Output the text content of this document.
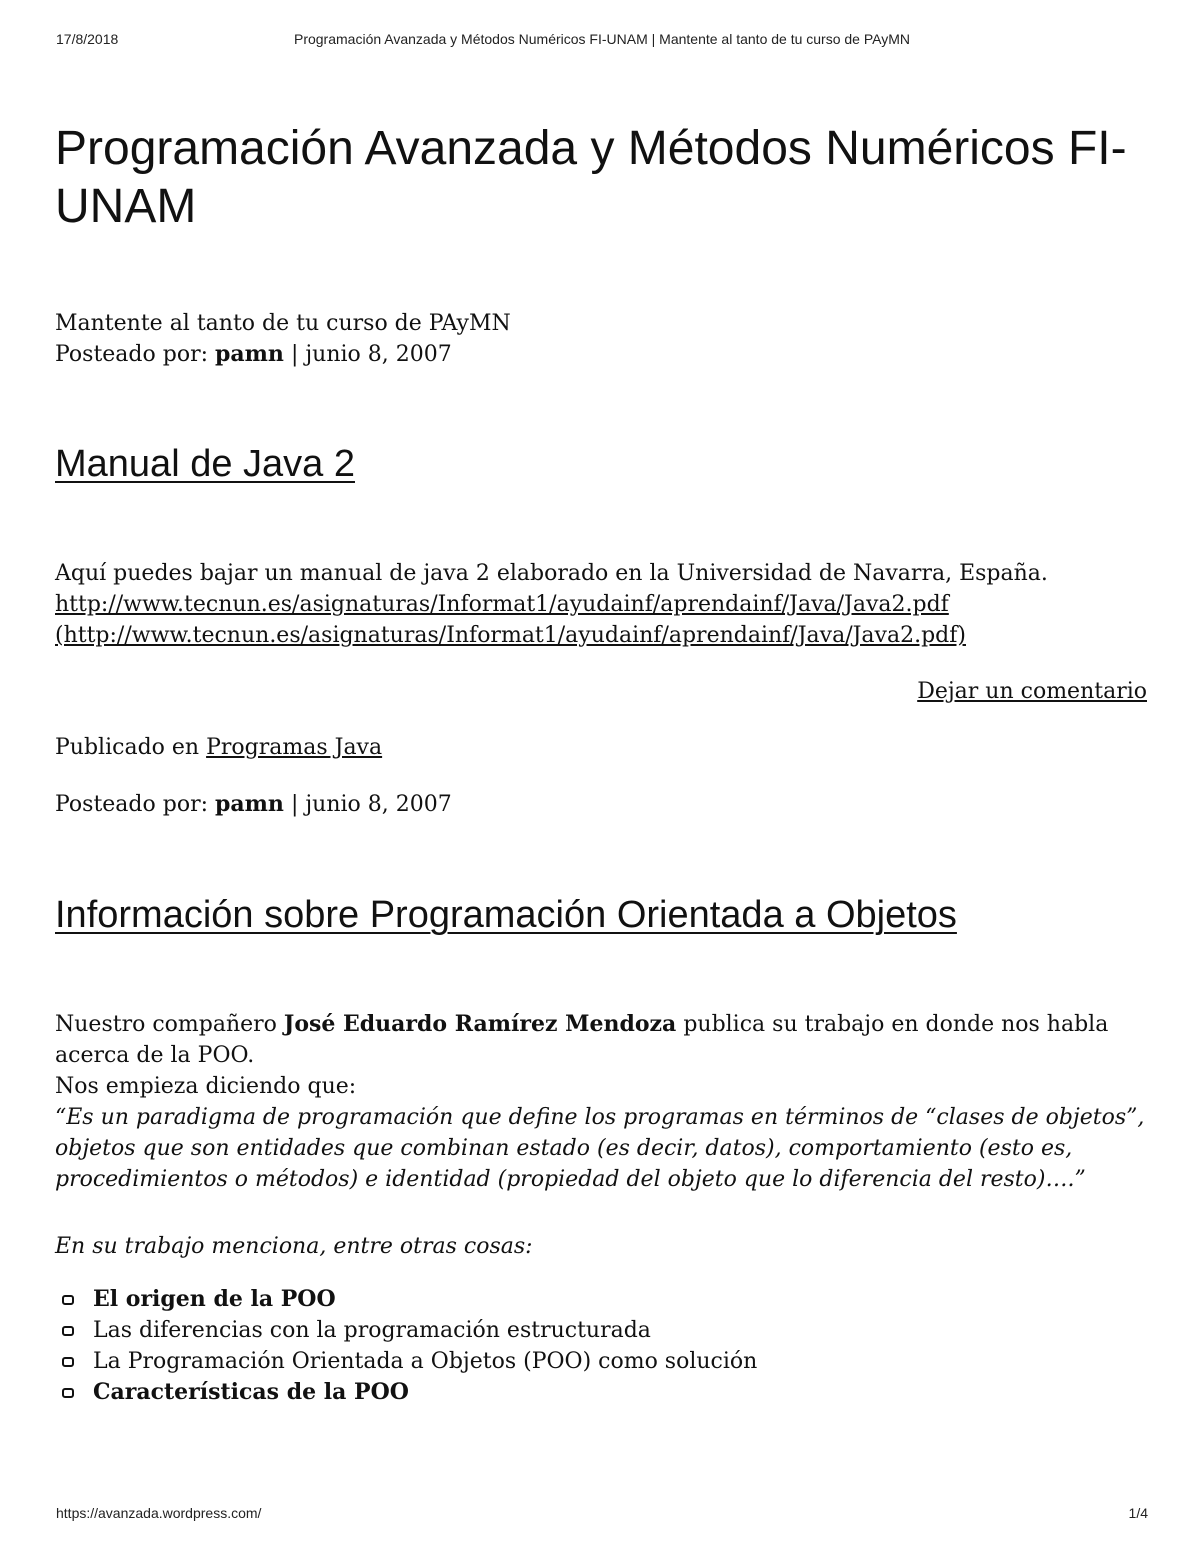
17/8/2018	Programación Avanzada y Métodos Numéricos FI-UNAM | Mantente al tanto de tu curso de PAyMN
Programación Avanzada y Métodos Numéricos FI-UNAM
Mantente al tanto de tu curso de PAyMN
Posteado por: pamn | junio 8, 2007
Manual de Java 2
Aquí puedes bajar un manual de java 2 elaborado en la Universidad de Navarra, España.
http://www.tecnun.es/asignaturas/Informat1/ayudainf/aprendainf/Java/Java2.pdf
(http://www.tecnun.es/asignaturas/Informat1/ayudainf/aprendainf/Java/Java2.pdf)
Dejar un comentario
Publicado en Programas Java
Posteado por: pamn | junio 8, 2007
Información sobre Programación Orientada a Objetos
Nuestro compañero José Eduardo Ramírez Mendoza publica su trabajo en donde nos habla acerca de la POO.
Nos empieza diciendo que:
“Es un paradigma de programación que define los programas en términos de “clases de objetos”, objetos que son entidades que combinan estado (es decir, datos), comportamiento (esto es, procedimientos o métodos) e identidad (propiedad del objeto que lo diferencia del resto)….”
En su trabajo menciona, entre otras cosas:
El origen de la POO
Las diferencias con la programación estructurada
La Programación Orientada a Objetos (POO) como solución
Características de la POO
https://avanzada.wordpress.com/	1/4
